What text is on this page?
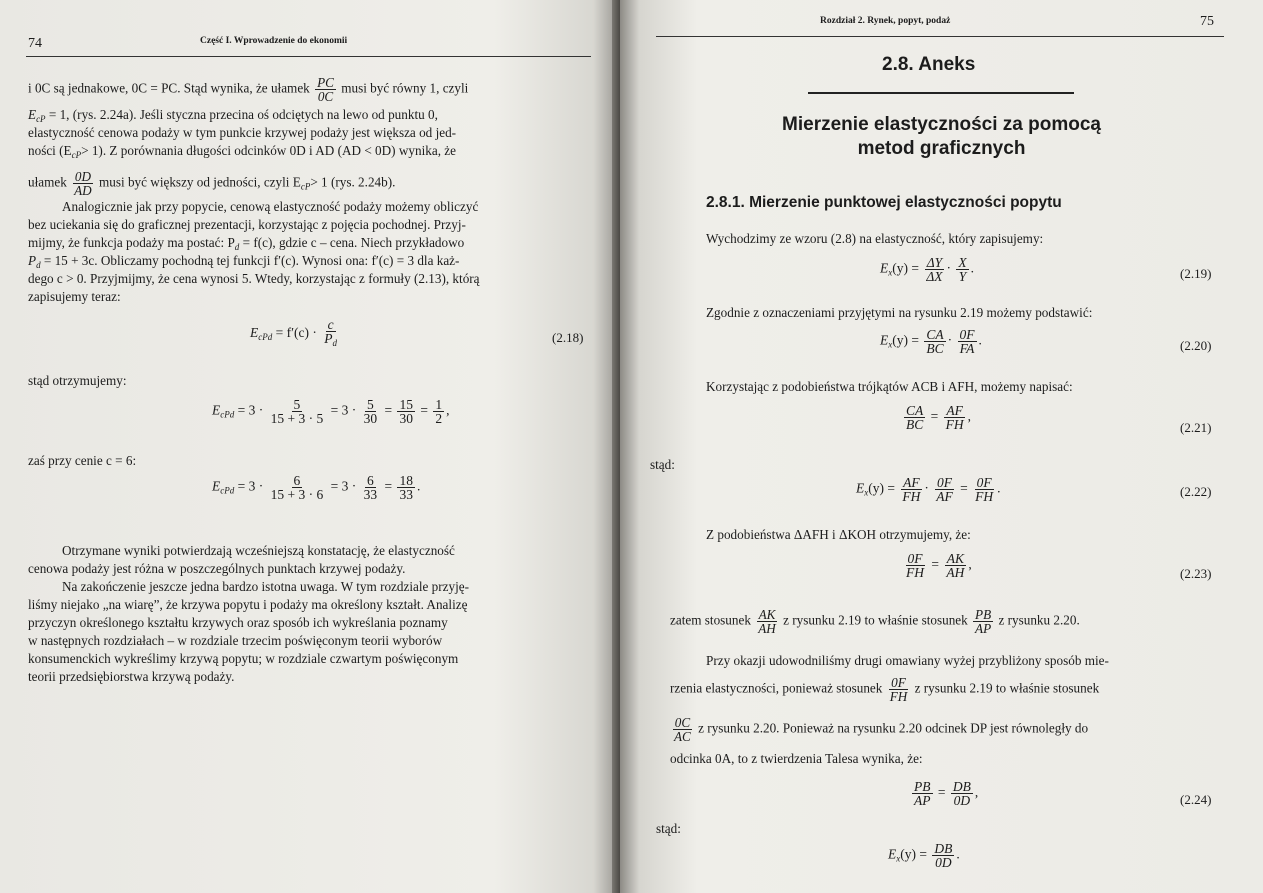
74	Część I. Wprowadzenie do ekonomii
i 0C są jednakowe, 0C = PC. Stąd wynika, że ułamek $\frac{PC}{0C}$ musi być równy 1, czyli
$E_{cP} = 1$, (rys. 2.24a). Jeśli styczna przecina oś odciętych na lewo od punktu 0,
elastyczność cenowa podaży w tym punkcie krzywej podaży jest większa od jed-
ności $(E_{cP}> 1)$. Z porównania długości odcinków 0D i AD (AD < 0D) wynika, że
ułamek $\frac{0D}{AD}$ musi być większy od jedności, czyli $E_{cP}> 1$ (rys. 2.24b).
Analogicznie jak przy popycie, cenową elastyczność podaży możemy obliczyć
bez uciekania się do graficznej prezentacji, korzystając z pojęcia pochodnej. Przyj-
mijmy, że funkcja podaży ma postać: $P_d = f(c)$, gdzie c – cena. Niech przykładowo
$P_d = 15 + 3c$. Obliczamy pochodną tej funkcji f′(c). Wynosi ona: f′(c) = 3 dla każ-
dego c > 0. Przyjmijmy, że cena wynosi 5. Wtedy, korzystając z formuły (2.13), którą
zapisujemy teraz:
$E_{cPd} = f'(c) \cdot \frac{c}{P_d}$	(2.18)
stąd otrzymujemy:
$E_{cPd} = 3 \cdot \frac{5}{15 + 3 \cdot 5} = 3 \cdot \frac{5}{30} = \frac{15}{30} = \frac{1}{2}$ ,
zaś przy cenie c = 6:
$E_{cPd} = 3 \cdot \frac{6}{15 + 3 \cdot 6} = 3 \cdot \frac{6}{33} = \frac{18}{33}$ .
Otrzymane wyniki potwierdzają wcześniejszą konstatację, że elastyczność
cenowa podaży jest różna w poszczególnych punktach krzywej podaży.
Na zakończenie jeszcze jedna bardzo istotna uwaga. W tym rozdziale przyję-
liśmy niejako „na wiarę”, że krzywa popytu i podaży ma określony kształt. Analizę
przyczyn określonego kształtu krzywych oraz sposób ich wykreślania poznamy
w następnych rozdziałach – w rozdziale trzecim poświęconym teorii wyborów
konsumenckich wykreślimy krzywą popytu; w rozdziale czwartym poświęconym
teorii przedsiębiorstwa krzywą podaży.
Rozdział 2. Rynek, popyt, podaż	75
2.8. Aneks
Mierzenie elastyczności za pomocą
metod graficznych
2.8.1. Mierzenie punktowej elastyczności popytu
Wychodzimy ze wzoru (2.8) na elastyczność, który zapisujemy:
$E_x(y) = \frac{\Delta Y}{\Delta X} \cdot \frac{X}{Y}$ .	(2.19)
Zgodnie z oznaczeniami przyjętymi na rysunku 2.19 możemy podstawić:
$E_x(y) = \frac{CA}{BC} \cdot \frac{0F}{FA}$ .	(2.20)
Korzystając z podobieństwa trójkątów ACB i AFH, możemy napisać:
$\frac{CA}{BC} = \frac{AF}{FH}$ ,
(2.21)
stąd:
$E_x(y) = \frac{AF}{FH} \cdot \frac{0F}{AF} = \frac{0F}{FH}$ .	(2.22)
Z podobieństwa ΔAFH i ΔKOH otrzymujemy, że:
$\frac{0F}{FH} = \frac{AK}{AH}$ ,
(2.23)
zatem stosunek $\frac{AK}{AH}$ z rysunku 2.19 to właśnie stosunek $\frac{PB}{AP}$ z rysunku 2.20.
Przy okazji udowodniliśmy drugi omawiany wyżej przybliżony sposób mie-
rzenia elastyczności, ponieważ stosunek $\frac{0F}{FH}$ z rysunku 2.19 to właśnie stosunek
$\frac{0C}{AC}$ z rysunku 2.20. Ponieważ na rysunku 2.20 odcinek DP jest równoległy do
odcinka 0A, to z twierdzenia Talesa wynika, że:
$\frac{PB}{AP} = \frac{DB}{0D}$ ,	(2.24)
stąd:
$E_x(y) = \frac{DB}{0D}$ .
